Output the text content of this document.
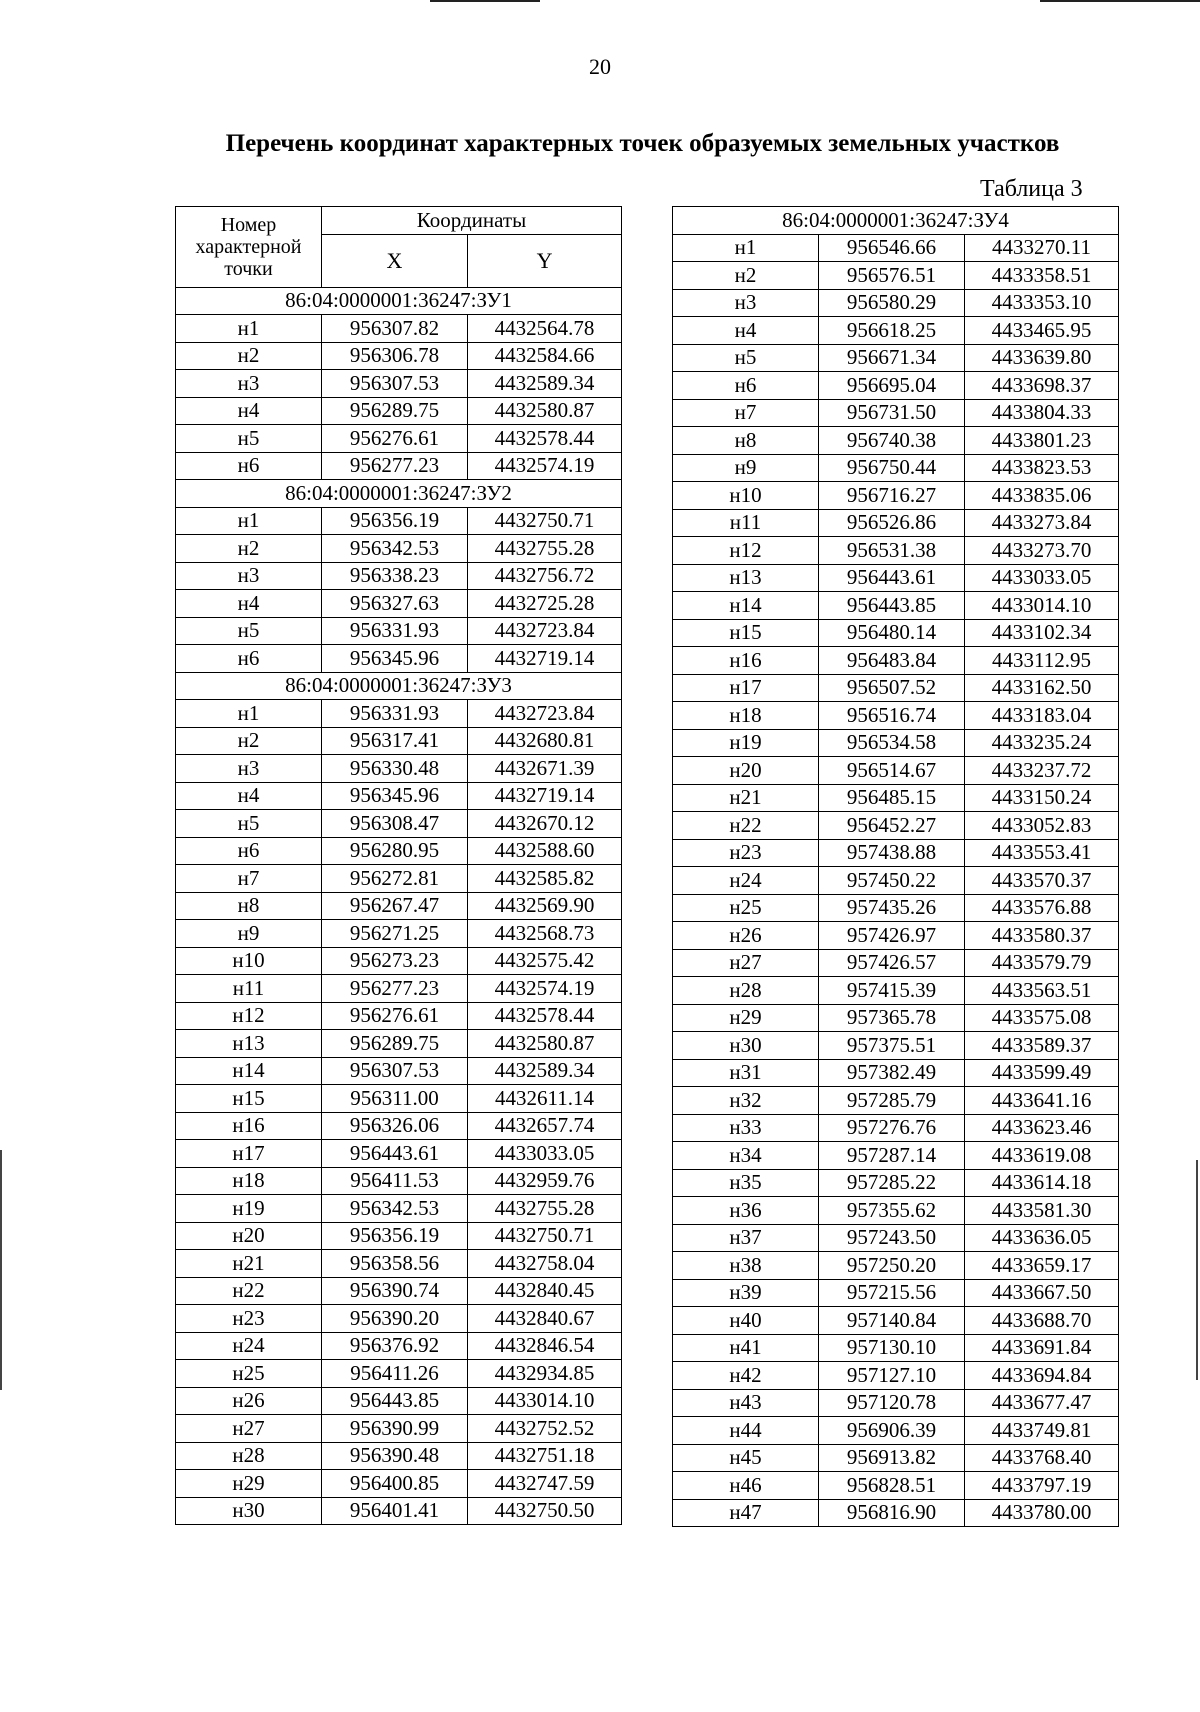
20
Перечень координат характерных точек образуемых земельных участков
Таблица 3
Номер характерной точки	Координаты	
	X	Y
86:04:0000001:36247:ЗУ1		
н1	956307.82	4432564.78
н2	956306.78	4432584.66
н3	956307.53	4432589.34
н4	956289.75	4432580.87
н5	956276.61	4432578.44
н6	956277.23	4432574.19
86:04:0000001:36247:ЗУ2		
н1	956356.19	4432750.71
н2	956342.53	4432755.28
н3	956338.23	4432756.72
н4	956327.63	4432725.28
н5	956331.93	4432723.84
н6	956345.96	4432719.14
86:04:0000001:36247:ЗУ3		
н1	956331.93	4432723.84
н2	956317.41	4432680.81
н3	956330.48	4432671.39
н4	956345.96	4432719.14
н5	956308.47	4432670.12
н6	956280.95	4432588.60
н7	956272.81	4432585.82
н8	956267.47	4432569.90
н9	956271.25	4432568.73
н10	956273.23	4432575.42
н11	956277.23	4432574.19
н12	956276.61	4432578.44
н13	956289.75	4432580.87
н14	956307.53	4432589.34
н15	956311.00	4432611.14
н16	956326.06	4432657.74
н17	956443.61	4433033.05
н18	956411.53	4432959.76
н19	956342.53	4432755.28
н20	956356.19	4432750.71
н21	956358.56	4432758.04
н22	956390.74	4432840.45
н23	956390.20	4432840.67
н24	956376.92	4432846.54
н25	956411.26	4432934.85
н26	956443.85	4433014.10
н27	956390.99	4432752.52
н28	956390.48	4432751.18
н29	956400.85	4432747.59
н30	956401.41	4432750.50
86:04:0000001:36247:ЗУ4		
н1	956546.66	4433270.11
н2	956576.51	4433358.51
н3	956580.29	4433353.10
н4	956618.25	4433465.95
н5	956671.34	4433639.80
н6	956695.04	4433698.37
н7	956731.50	4433804.33
н8	956740.38	4433801.23
н9	956750.44	4433823.53
н10	956716.27	4433835.06
н11	956526.86	4433273.84
н12	956531.38	4433273.70
н13	956443.61	4433033.05
н14	956443.85	4433014.10
н15	956480.14	4433102.34
н16	956483.84	4433112.95
н17	956507.52	4433162.50
н18	956516.74	4433183.04
н19	956534.58	4433235.24
н20	956514.67	4433237.72
н21	956485.15	4433150.24
н22	956452.27	4433052.83
н23	957438.88	4433553.41
н24	957450.22	4433570.37
н25	957435.26	4433576.88
н26	957426.97	4433580.37
н27	957426.57	4433579.79
н28	957415.39	4433563.51
н29	957365.78	4433575.08
н30	957375.51	4433589.37
н31	957382.49	4433599.49
н32	957285.79	4433641.16
н33	957276.76	4433623.46
н34	957287.14	4433619.08
н35	957285.22	4433614.18
н36	957355.62	4433581.30
н37	957243.50	4433636.05
н38	957250.20	4433659.17
н39	957215.56	4433667.50
н40	957140.84	4433688.70
н41	957130.10	4433691.84
н42	957127.10	4433694.84
н43	957120.78	4433677.47
н44	956906.39	4433749.81
н45	956913.82	4433768.40
н46	956828.51	4433797.19
н47	956816.90	4433780.00
